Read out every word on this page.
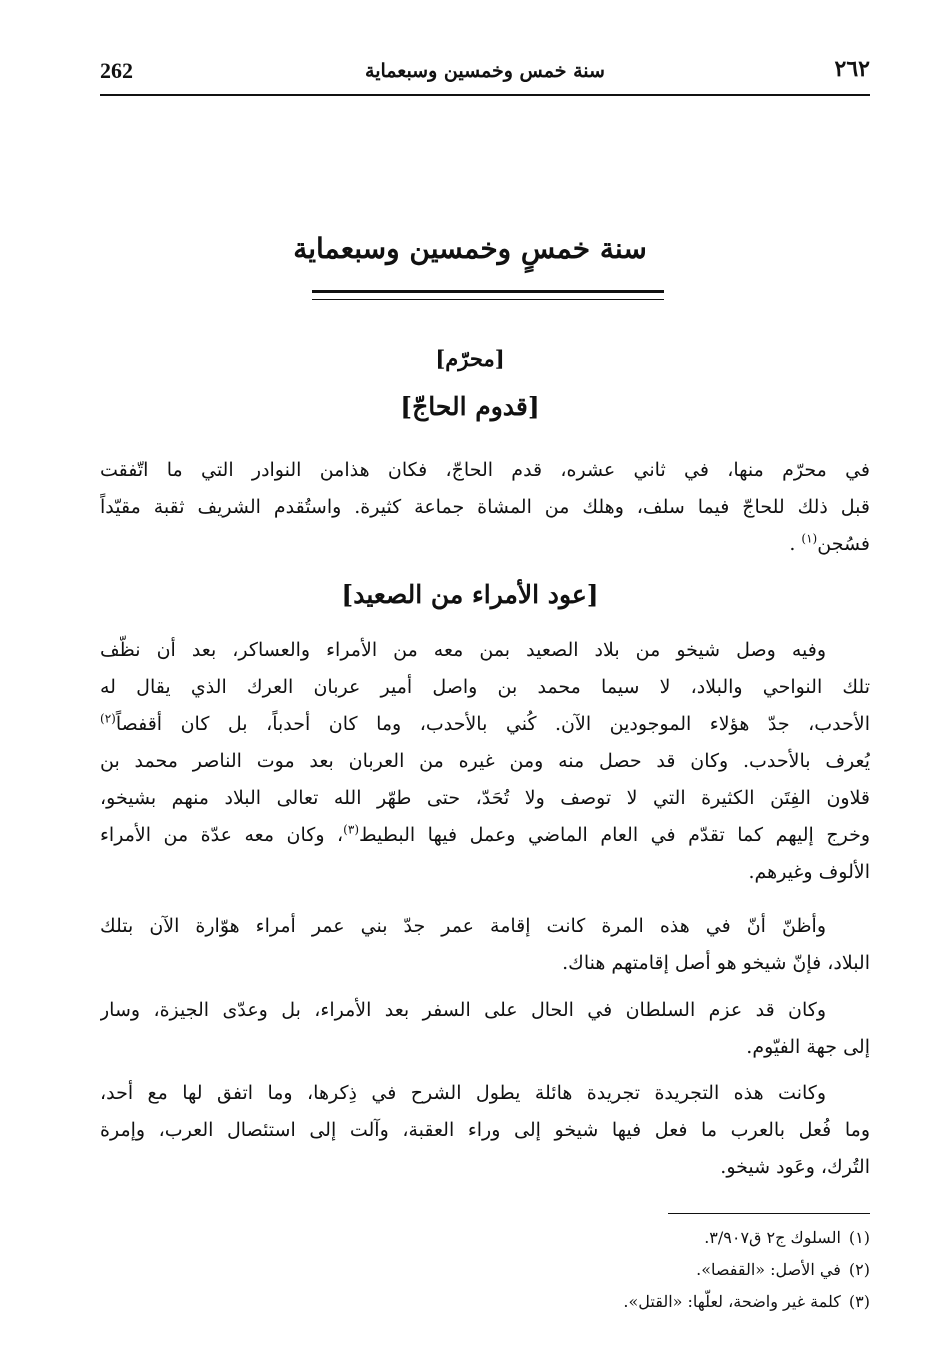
262	سنة خمس وخمسين وسبعماية	٢٦٢
سنة خمسٍ وخمسين وسبعماية
[محرّم]
[قدوم الحاجّ]
في محرّم منها، في ثاني عشره، قدم الحاجّ، فكان هذامن النوادر التي ما اتّفقت
قبل ذلك للحاجّ فيما سلف، وهلك من المشاة جماعة كثيرة. واستُقدم الشريف ثقبة مقيّداً
فسُجن$^{(١)}$ .
[عود الأمراء من الصعيد]
وفيه وصل شيخو من بلاد الصعيد بمن معه من الأمراء والعساكر، بعد أن نظّف
تلك النواحي والبلاد، لا سيما محمد بن واصل أمير عربان العرك الذي يقال له
الأحدب، جدّ هؤلاء الموجودين الآن. كُني بالأحدب، وما كان أحدباً، بل كان أقفصاً$^{(٢)}$
يُعرف بالأحدب. وكان قد حصل منه ومن غيره من العربان بعد موت الناصر محمد بن
قلاون الفِتَن الكثيرة التي لا توصف ولا تُحَدّ، حتى طهّر الله تعالى البلاد منهم بشيخو،
وخرج إليهم كما تقدّم في العام الماضي وعمل فيها البطيط$^{(٣)}$، وكان معه عدّة من الأمراء
الألوف وغيرهم.
وأظنّ أنّ في هذه المرة كانت إقامة عمر جدّ بني عمر أمراء هوّارة الآن بتلك
البلاد، فإنّ شيخو هو أصل إقامتهم هناك.
وكان قد عزم السلطان في الحال على السفر بعد الأمراء، بل وعدّى الجيزة، وسار
إلى جهة الفيّوم.
وكانت هذه التجريدة تجريدة هائلة يطول الشرح في ذِكرها، وما اتفق لها مع أحد،
وما فُعل بالعرب ما فعل فيها شيخو إلى وراء العقبة، وآلت إلى استئصال العرب، وإمرة
التُرك، وعَود شيخو.
(١)السلوك ج٢ ق٣/٩٠٧.
(٢)في الأصل: «القفصا».
(٣)كلمة غير واضحة، لعلّها: «القتل».
